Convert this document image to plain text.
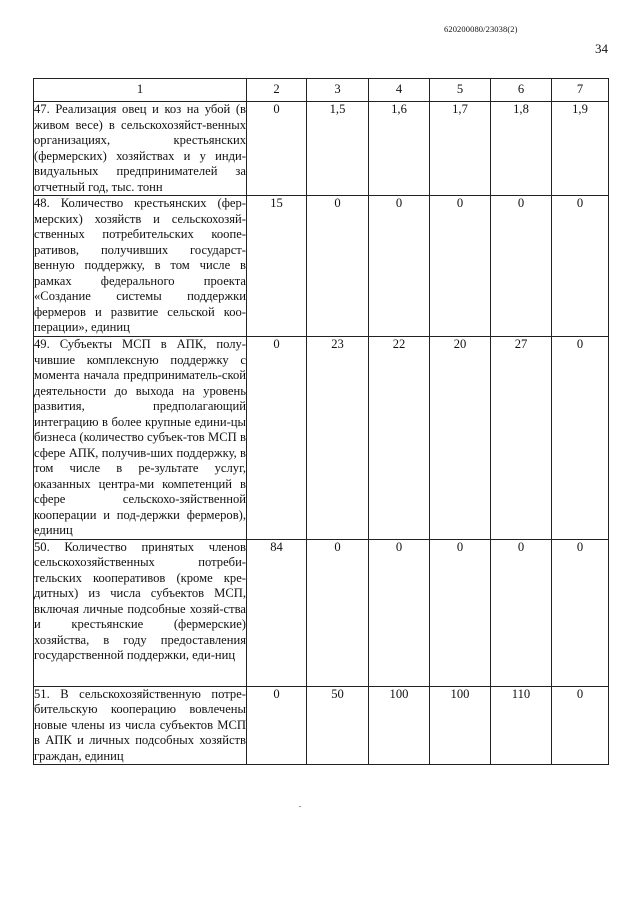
620200080/23038(2)
34
1	2	3	4	5	6	7
47. Реализация овец и коз на убой (в живом весе) в сельскохозяйст-венных организациях, крестьянских (фермерских) хозяйствах и у инди-видуальных предпринимателей за отчетный год, тыс. тонн	0	1,5	1,6	1,7	1,8	1,9
48. Количество крестьянских (фер-мерских) хозяйств и сельскохозяй-ственных потребительских коопе-ративов, получивших государст-венную поддержку, в том числе в рамках федерального проекта «Создание системы поддержки фермеров и развитие сельской коо-перации», единиц	15	0	0	0	0	0
49. Субъекты МСП в АПК, полу-чившие комплексную поддержку с момента начала предприниматель-ской деятельности до выхода на уровень развития, предполагающий интеграцию в более крупные едини-цы бизнеса (количество субъек-тов МСП в сфере АПК, получив-ших поддержку, в том числе в ре-зультате услуг, оказанных центра-ми компетенций в сфере сельскохо-зяйственной кооперации и под-держки фермеров), единиц	0	23	22	20	27	0
50. Количество принятых членов сельскохозяйственных потреби-тельских кооперативов (кроме кре-дитных) из числа субъектов МСП, включая личные подсобные хозяй-ства и крестьянские (фермерские) хозяйства, в году предоставления государственной поддержки, еди-ниц	84	0	0	0	0	0
51. В сельскохозяйственную потре-бительскую кооперацию вовлечены новые члены из числа субъектов МСП в АПК и личных подсобных хозяйств граждан, единиц	0	50	100	100	110	0
